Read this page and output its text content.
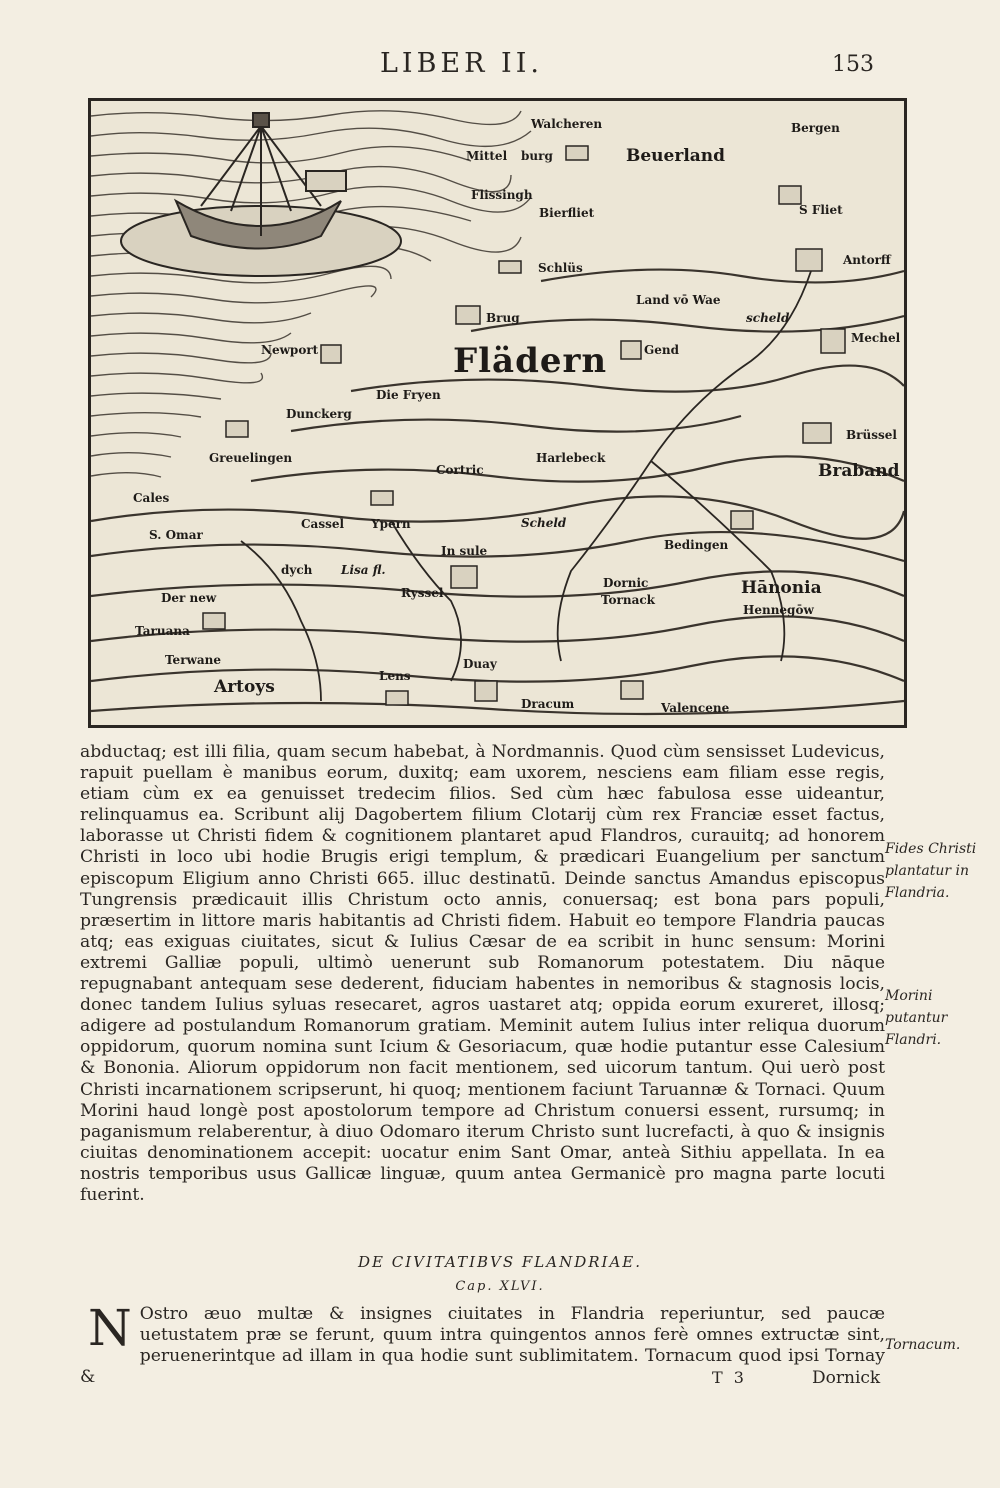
LIBER II.	153
Walcheren
Mittel burg
Bergen
Beuerland
Flissingh
Bierfliet	S Fliet
Antorff
Schlüs
Land vō Wae
scheld
Brug
Gend
Mechel
Newport	Flädern
Die Fryen
Dunckerg
Brüssel
Braband
Greuelingen
Cortric
Harlebeck
Cales
S. Omar
Cassel Ypern	Scheld
Bedingen
In sule
dych Lisa fl.
Der new	Ryssel
Dornic
Tornack
Hānonia
Hennegōw
Taruana
Terwane
Lens
Duay
Artoys
Dracum	Valencene

abductaq; est illi filia, quam secum habebat, à Nordmannis. Quod cùm sensisset Ludevicus, rapuit puellam è manibus eorum, duxitq; eam uxorem, nesciens eam filiam esse regis, etiam cùm ex ea genuisset tredecim filios. Sed cùm hæc fabulosa esse uideantur, relinquamus ea. Scribunt alij Dagobertem filium Clotarij cùm rex Franciæ esset factus, laborasse ut Christi fidem & cognitionem plantaret apud Flandros, curauitq; ad honorem Christi in loco ubi hodie Brugis erigi templum, & prædicari Euangelium per sanctum episcopum Eligium anno Christi 665. illuc destinatū. Deinde sanctus Amandus episcopus Tungrensis prædicauit illis Christum octo annis, conuersaq; est bona pars populi, præsertim in littore maris habitantis ad Christi fidem. Habuit eo tempore Flandria paucas atq; eas exiguas ciuitates, sicut & Iulius Cæsar de ea scribit in hunc sensum: Morini extremi Galliæ populi, ultimò uenerunt sub Romanorum potestatem. Diu nāque repugnabant antequam sese dederent, fiduciam habentes in nemoribus & stagnosis locis, donec tandem Iulius syluas resecaret, agros uastaret atq; oppida eorum exureret, illosq; adigere ad postulandum Romanorum gratiam. Meminit autem Iulius inter reliqua duorum oppidorum, quorum nomina sunt Icium & Gesoriacum, quæ hodie putantur esse Calesium & Bononia. Aliorum oppidorum non facit mentionem, sed uicorum tantum. Qui uerò post Christi incarnationem scripserunt, hi quoq; mentionem faciunt Taruannæ & Tornaci. Quum Morini haud longè post apostolorum tempore ad Christum conuersi essent, rursumq; in paganismum relaberentur, à diuo Odomaro iterum Christo sunt lucrefacti, à quo & insignis ciuitas denominationem accepit: uocatur enim Sant Omar, anteà Sithiu appellata. In ea nostris temporibus usus Gallicæ linguæ, quum antea Germanicè pro magna parte locuti fuerint.

DE CIVITATIBVS FLANDRIAE.
Cap. XLVI.
N Ostro æuo multæ & insignes ciuitates in Flandria reperiuntur, sed paucæ uetustatem præ se ferunt, quum intra quingentos annos ferè omnes extructæ sint, peruenerintque ad illam in qua hodie sunt sublimitatem. Tornacum quod ipsi Tornay &	T 3	Dornick
Fides Christi plantatur in Flandria.
Morini putantur Flandri.
Tornacum.
